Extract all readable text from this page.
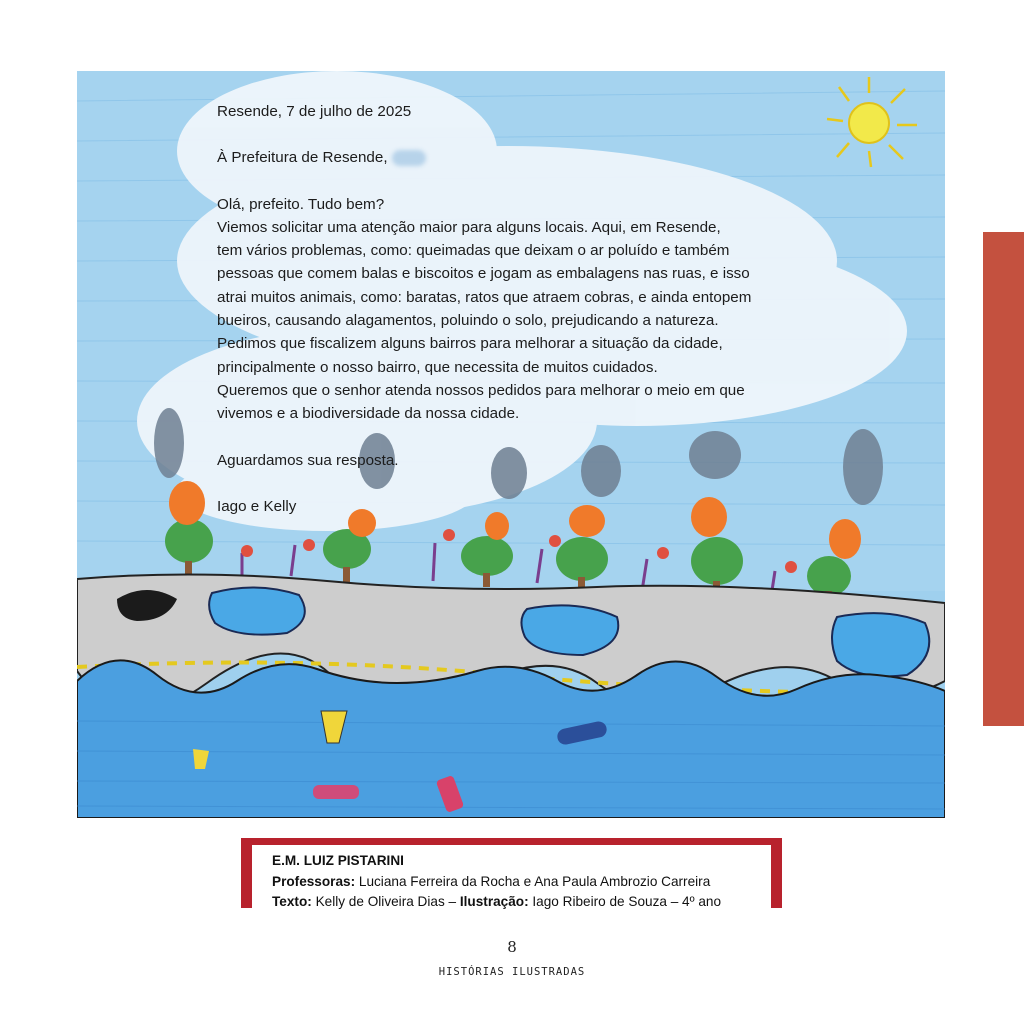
Resende, 7 de julho de 2025

À Prefeitura de Resende,

Olá, prefeito. Tudo bem?

Viemos solicitar uma atenção maior para alguns locais. Aqui, em Resende,

tem vários problemas, como: queimadas que deixam o ar poluído e também

pessoas que comem balas e biscoitos e jogam as embalagens nas ruas, e isso

atrai muitos animais, como: baratas, ratos que atraem cobras, e ainda entopem

bueiros, causando alagamentos, poluindo o solo, prejudicando a natureza.

Pedimos que fiscalizem alguns bairros para melhorar a situação da cidade,

principalmente o nosso bairro, que necessita de muitos cuidados.

Queremos que o senhor atenda nossos pedidos para melhorar o meio em que

vivemos e a biodiversidade da nossa cidade.

Aguardamos sua resposta.

Iago e Kelly

E.M. LUIZ PISTARINI
Professoras: Luciana Ferreira da Rocha e Ana Paula Ambrozio Carreira
Texto: Kelly de Oliveira Dias – Ilustração: Iago Ribeiro de Souza – 4º ano
8
HISTÓRIAS ILUSTRADAS
